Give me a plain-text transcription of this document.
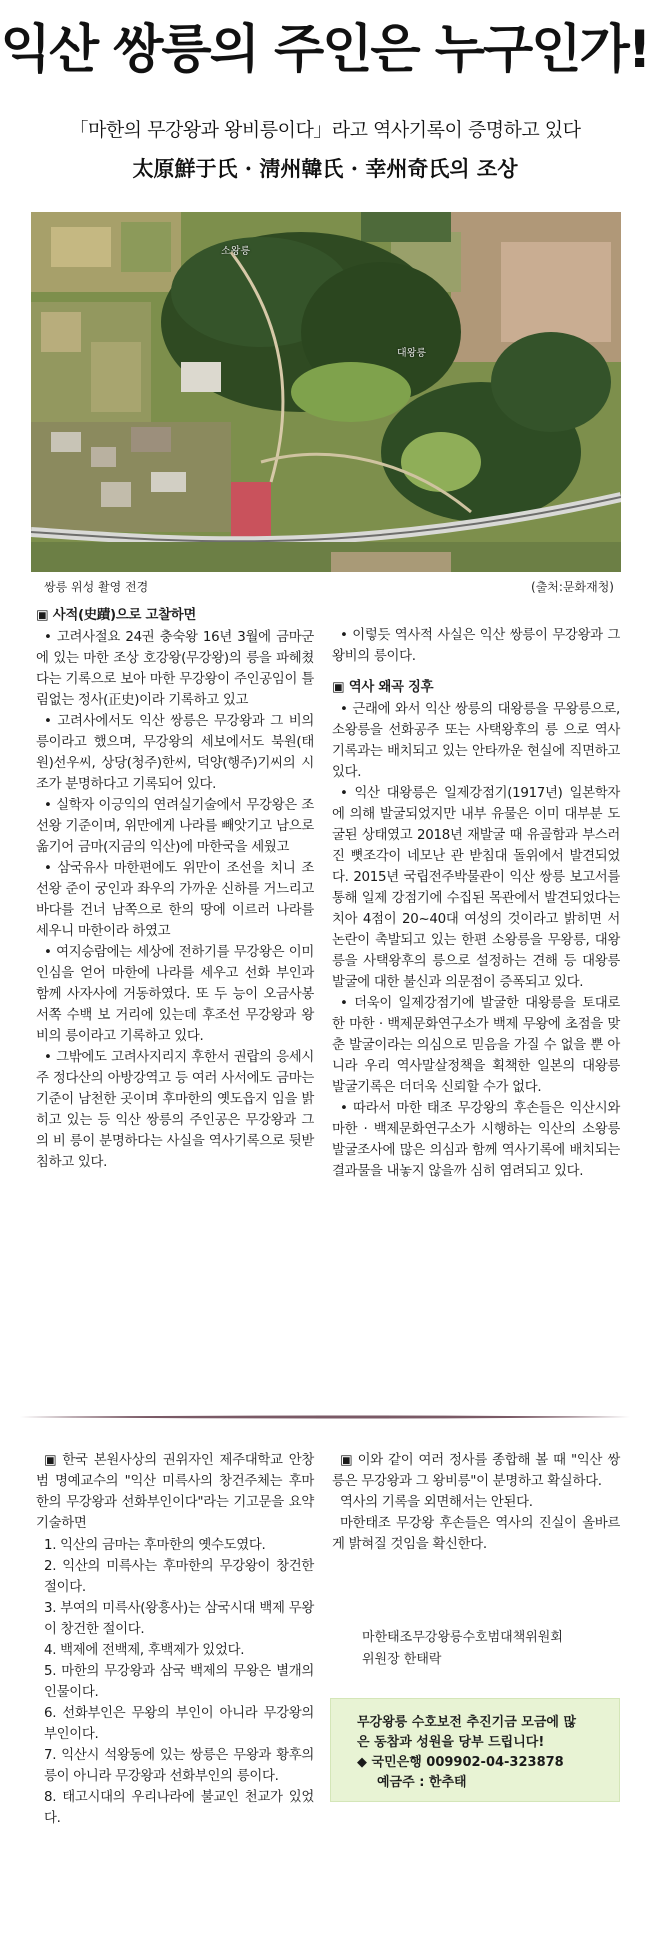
익산 쌍릉의 주인은 누구인가!
「마한의 무강왕과 왕비릉이다」라고 역사기록이 증명하고 있다
太原鮮于氏 · 淸州韓氏 · 幸州奇氏의 조상
소왕릉
대왕릉
쌍릉 위성 촬영 전경	(출처:문화재청)

▣ 사적(史蹟)으로 고찰하면

• 고려사절요 24권 충숙왕 16년 3월에 금마군에 있는 마한 조상 호강왕(무강왕)의 릉을 파헤쳤다는 기록으로 보아 마한 무강왕이 주인공임이 틀림없는 정사(正史)이라 기록하고 있고

• 고려사에서도 익산 쌍릉은 무강왕과 그 비의 릉이라고 했으며, 무강왕의 세보에서도 북원(태원)선우씨, 상당(청주)한씨, 덕양(행주)기씨의 시조가 분명하다고 기록되어 있다.

• 실학자 이긍익의 연려실기술에서 무강왕은 조선왕 기준이며, 위만에게 나라를 빼앗기고 남으로 옮기어 금마(지금의 익산)에 마한국을 세웠고

• 삼국유사 마한편에도 위만이 조선을 치니 조선왕 준이 궁인과 좌우의 가까운 신하를 거느리고 바다를 건너 남쪽으로 한의 땅에 이르러 나라를 세우니 마한이라 하였고

• 여지승람에는 세상에 전하기를 무강왕은 이미 인심을 얻어 마한에 나라를 세우고 선화 부인과 함께 사자사에 거동하였다. 또 두 능이 오금사봉 서쪽 수백 보 거리에 있는데 후조선 무강왕과 왕비의 릉이라고 기록하고 있다.

• 그밖에도 고려사지리지 후한서 권랍의 응세시주 정다산의 아방강역고 등 여러 사서에도 금마는 기준이 남천한 곳이며 후마한의 옛도읍지 임을 밝히고 있는 등 익산 쌍릉의 주인공은 무강왕과 그의 비 릉이 분명하다는 사실을 역사기록으로 뒷받침하고 있다.

• 이렇듯 역사적 사실은 익산 쌍릉이 무강왕과 그 왕비의 릉이다.

▣ 역사 왜곡 징후

• 근래에 와서 익산 쌍릉의 대왕릉을 무왕릉으로, 소왕릉을 선화공주 또는 사택왕후의 릉 으로 역사기록과는 배치되고 있는 안타까운 현실에 직면하고 있다.

• 익산 대왕릉은 일제강점기(1917년) 일본학자에 의해 발굴되었지만 내부 유물은 이미 대부분 도굴된 상태였고 2018년 재발굴 때 유골함과 부스러진 뼛조각이 네모난 관 받침대 돌위에서 발견되었다. 2015년 국립전주박물관이 익산 쌍릉 보고서를 통해 일제 강점기에 수집된 목관에서 발견되었다는 치아 4점이 20~40대 여성의 것이라고 밝히면 서 논란이 촉발되고 있는 한편 소왕릉을 무왕릉, 대왕릉을 사택왕후의 릉으로 설정하는 견해 등 대왕릉 발굴에 대한 불신과 의문점이 증폭되고 있다.

• 더욱이 일제강점기에 발굴한 대왕릉을 토대로 한 마한 · 백제문화연구소가 백제 무왕에 초점을 맞춘 발굴이라는 의심으로 믿음을 가질 수 없을 뿐 아니라 우리 역사말살정책을 획책한 일본의 대왕릉 발굴기록은 더더욱 신뢰할 수가 없다.

• 따라서 마한 태조 무강왕의 후손들은 익산시와 마한 · 백제문화연구소가 시행하는 익산의 소왕릉 발굴조사에 많은 의심과 함께 역사기록에 배치되는 결과물을 내놓지 않을까 심히 염려되고 있다.

▣ 한국 본원사상의 권위자인 제주대학교 안창범 명예교수의 "익산 미륵사의 창건주체는 후마한의 무강왕과 선화부인이다"라는 기고문을 요약 기술하면

1. 익산의 금마는 후마한의 옛수도였다.

2. 익산의 미륵사는 후마한의 무강왕이 창건한 절이다.

3. 부여의 미륵사(왕흥사)는 삼국시대 백제 무왕이 창건한 절이다.

4. 백제에 전백제, 후백제가 있었다.

5. 마한의 무강왕과 삼국 백제의 무왕은 별개의 인물이다.

6. 선화부인은 무왕의 부인이 아니라 무강왕의 부인이다.

7. 익산시 석왕동에 있는 쌍릉은 무왕과 황후의 릉이 아니라 무강왕과 선화부인의 릉이다.

8. 태고시대의 우리나라에 불교인 천교가 있었다.

▣ 이와 같이 여러 정사를 종합해 볼 때 "익산 쌍릉은 무강왕과 그 왕비릉"이 분명하고 확실하다.

역사의 기록을 외면해서는 안된다.

마한태조 무강왕 후손들은 역사의 진실이 올바르게 밝혀질 것임을 확신한다.

마한태조무강왕릉수호범대책위원회
위원장 한태락
무강왕릉 수호보전 추진기금 모금에 많
은 동참과 성원을 당부 드립니다!
◆ 국민은행 009902-04-323878
예금주 : 한추태
